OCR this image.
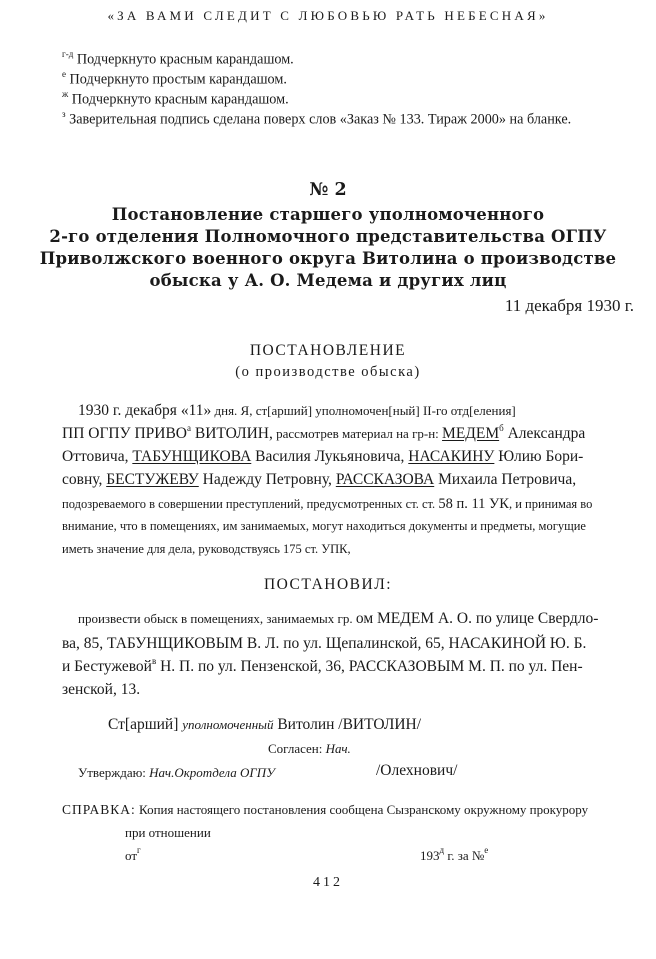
«ЗА ВАМИ СЛЕДИТ С ЛЮБОВЬЮ РАТЬ НЕБЕСНАЯ»
$^{г-д}$ Подчеркнуто красным карандашом.
$^е$ Подчеркнуто простым карандашом.
$^ж$ Подчеркнуто красным карандашом.
$^з$ Заверительная подпись сделана поверх слов «Заказ № 133. Тираж 2000» на бланке.
№ 2
Постановление старшего уполномоченного
2-го отделения Полномочного представительства ОГПУ
Приволжского военного округа Витолина о производстве
обыска у А. О. Медема и других лиц
11 декабря 1930 г.
ПОСТАНОВЛЕНИЕ
(о производстве обыска)
1930 г. декабря «11» дня. Я, ст[арший] уполномочен[ный] II-го отд[еления]
ПП ОГПУ $ПРИВО^а$ ВИТОЛИН, рассмотрев материал на гр-н: $МЕДЕМ^б$ Александра
Оттовича, ТАБУНЩИКОВА Василия Лукьяновича, НАСАКИНУ Юлию Бори-
совну, БЕСТУЖЕВУ Надежду Петровну, РАССКАЗОВА Михаила Петровича,
подозреваемого в совершении преступлений, предусмотренных ст. ст. 58 п. 11 УК, и принимая во
внимание, что в помещениях, им занимаемых, могут находиться документы и предметы, могущие
иметь значение для дела, руководствуясь 175 ст. УПК,
ПОСТАНОВИЛ:
произвести обыск в помещениях, занимаемых гр. ом МЕДЕМ А. О. по улице Свердло-
ва, 85, ТАБУНЩИКОВЫМ В. Л. по ул. Щепалинской, 65, НАСАКИНОЙ Ю. Б.
и Бестужевой$^в$ Н. П. по ул. Пензенской, 36, РАССКАЗОВЫМ М. П. по ул. Пен-
зенской, 13.
Ст[арший] уполномоченный Витолин /ВИТОЛИН/
Согласен: Нач.
Утверждаю: Нач.Окротдела ОГПУ	/Олехнович/
СПРАВКА: Копия настоящего постановления сообщена Сызранскому окружному прокурору
при отношении
$от^г$	$193^д$ г. за №$^е$
412
